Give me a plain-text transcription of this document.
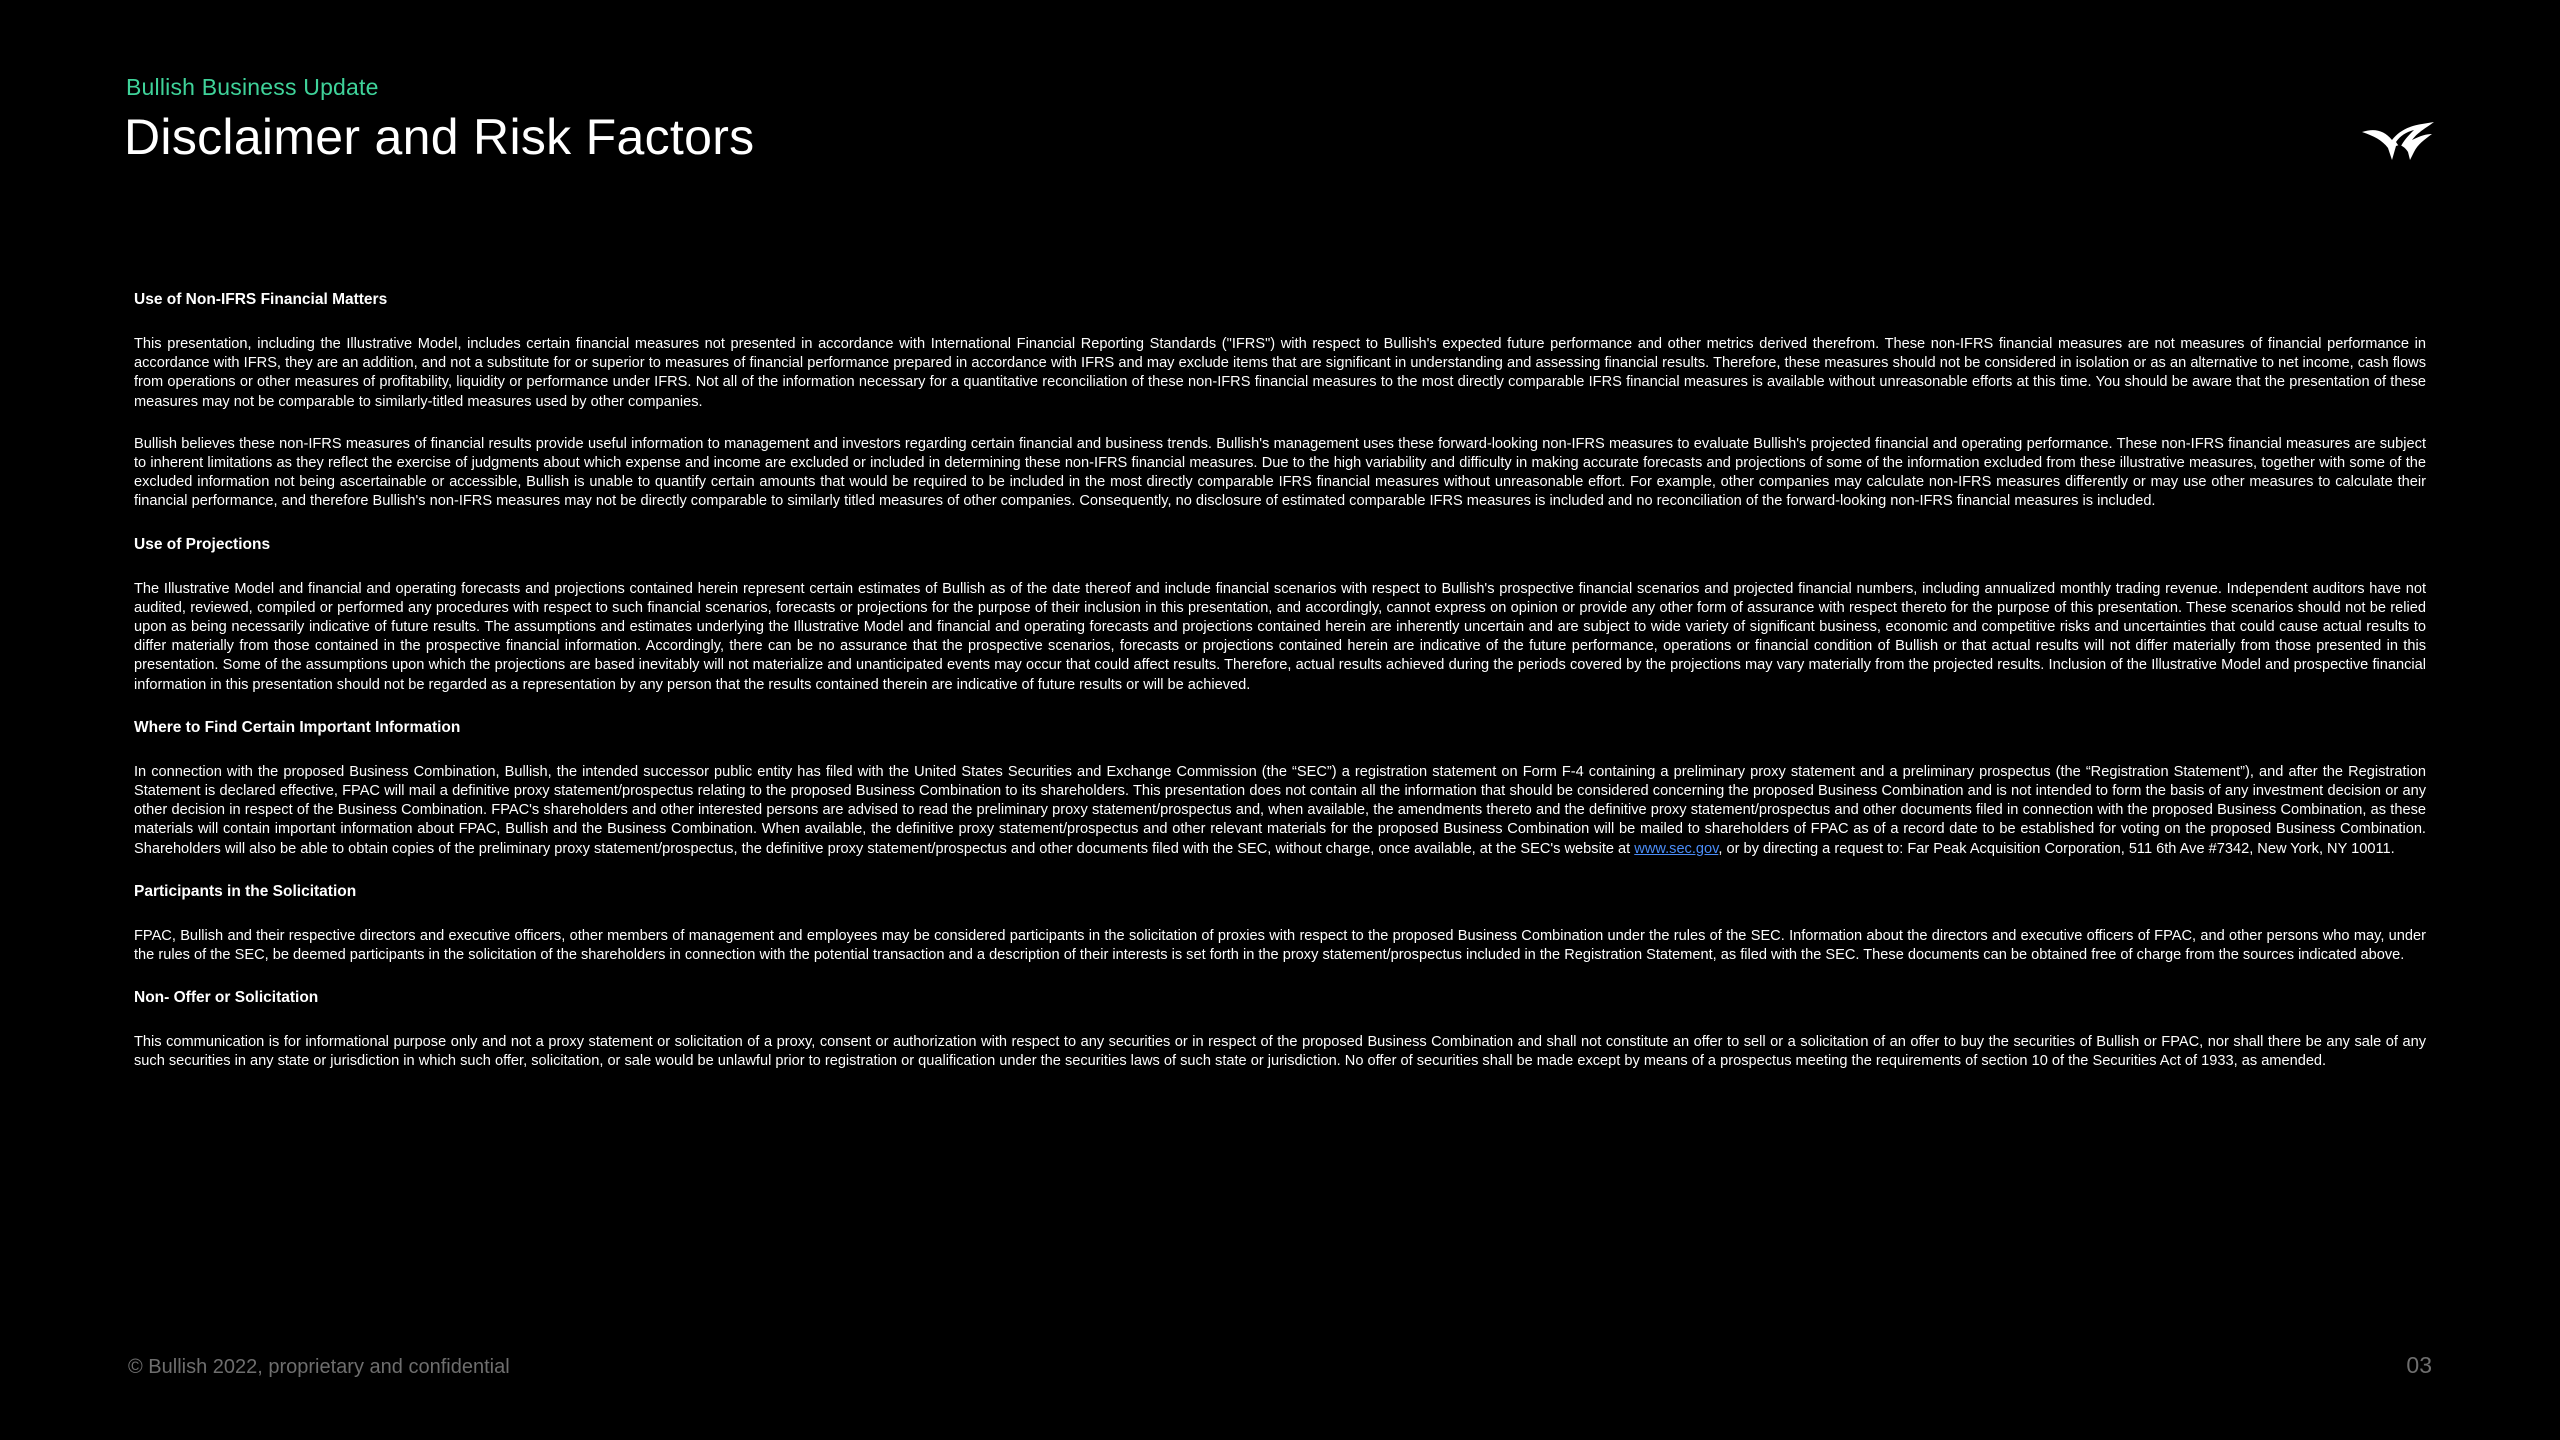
Bullish Business Update
Disclaimer and Risk Factors

Use of Non-IFRS Financial Matters

This presentation, including the Illustrative Model, includes certain financial measures not presented in accordance with International Financial Reporting Standards ("IFRS") with respect to Bullish's expected future performance and other metrics derived therefrom. These non-IFRS financial measures are not measures of financial performance in accordance with IFRS, they are an addition, and not a substitute for or superior to measures of financial performance prepared in accordance with IFRS and may exclude items that are significant in understanding and assessing financial results. Therefore, these measures should not be considered in isolation or as an alternative to net income, cash flows from operations or other measures of profitability, liquidity or performance under IFRS. Not all of the information necessary for a quantitative reconciliation of these non-IFRS financial measures to the most directly comparable IFRS financial measures is available without unreasonable efforts at this time. You should be aware that the presentation of these measures may not be comparable to similarly-titled measures used by other companies.

Bullish believes these non-IFRS measures of financial results provide useful information to management and investors regarding certain financial and business trends. Bullish's management uses these forward-looking non-IFRS measures to evaluate Bullish's projected financial and operating performance. These non-IFRS financial measures are subject to inherent limitations as they reflect the exercise of judgments about which expense and income are excluded or included in determining these non-IFRS financial measures. Due to the high variability and difficulty in making accurate forecasts and projections of some of the information excluded from these illustrative measures, together with some of the excluded information not being ascertainable or accessible, Bullish is unable to quantify certain amounts that would be required to be included in the most directly comparable IFRS financial measures without unreasonable effort. For example, other companies may calculate non-IFRS measures differently or may use other measures to calculate their financial performance, and therefore Bullish's non-IFRS measures may not be directly comparable to similarly titled measures of other companies. Consequently, no disclosure of estimated comparable IFRS measures is included and no reconciliation of the forward-looking non-IFRS financial measures is included.

Use of Projections

The Illustrative Model and financial and operating forecasts and projections contained herein represent certain estimates of Bullish as of the date thereof and include financial scenarios with respect to Bullish's prospective financial scenarios and projected financial numbers, including annualized monthly trading revenue. Independent auditors have not audited, reviewed, compiled or performed any procedures with respect to such financial scenarios, forecasts or projections for the purpose of their inclusion in this presentation, and accordingly, cannot express on opinion or provide any other form of assurance with respect thereto for the purpose of this presentation. These scenarios should not be relied upon as being necessarily indicative of future results. The assumptions and estimates underlying the Illustrative Model and financial and operating forecasts and projections contained herein are inherently uncertain and are subject to wide variety of significant business, economic and competitive risks and uncertainties that could cause actual results to differ materially from those contained in the prospective financial information. Accordingly, there can be no assurance that the prospective scenarios, forecasts or projections contained herein are indicative of the future performance, operations or financial condition of Bullish or that actual results will not differ materially from those presented in this presentation. Some of the assumptions upon which the projections are based inevitably will not materialize and unanticipated events may occur that could affect results. Therefore, actual results achieved during the periods covered by the projections may vary materially from the projected results. Inclusion of the Illustrative Model and prospective financial information in this presentation should not be regarded as a representation by any person that the results contained therein are indicative of future results or will be achieved.

Where to Find Certain Important Information

In connection with the proposed Business Combination, Bullish, the intended successor public entity has filed with the United States Securities and Exchange Commission (the “SEC”) a registration statement on Form F-4 containing a preliminary proxy statement and a preliminary prospectus (the “Registration Statement”), and after the Registration Statement is declared effective, FPAC will mail a definitive proxy statement/prospectus relating to the proposed Business Combination to its shareholders. This presentation does not contain all the information that should be considered concerning the proposed Business Combination and is not intended to form the basis of any investment decision or any other decision in respect of the Business Combination. FPAC's shareholders and other interested persons are advised to read the preliminary proxy statement/prospectus and, when available, the amendments thereto and the definitive proxy statement/prospectus and other documents filed in connection with the proposed Business Combination, as these materials will contain important information about FPAC, Bullish and the Business Combination. When available, the definitive proxy statement/prospectus and other relevant materials for the proposed Business Combination will be mailed to shareholders of FPAC as of a record date to be established for voting on the proposed Business Combination. Shareholders will also be able to obtain copies of the preliminary proxy statement/prospectus, the definitive proxy statement/prospectus and other documents filed with the SEC, without charge, once available, at the SEC's website at www.sec.gov, or by directing a request to: Far Peak Acquisition Corporation, 511 6th Ave #7342, New York, NY 10011.

Participants in the Solicitation

FPAC, Bullish and their respective directors and executive officers, other members of management and employees may be considered participants in the solicitation of proxies with respect to the proposed Business Combination under the rules of the SEC. Information about the directors and executive officers of FPAC, and other persons who may, under the rules of the SEC, be deemed participants in the solicitation of the shareholders in connection with the potential transaction and a description of their interests is set forth in the proxy statement/prospectus included in the Registration Statement, as filed with the SEC. These documents can be obtained free of charge from the sources indicated above.

Non- Offer or Solicitation

This communication is for informational purpose only and not a proxy statement or solicitation of a proxy, consent or authorization with respect to any securities or in respect of the proposed Business Combination and shall not constitute an offer to sell or a solicitation of an offer to buy the securities of Bullish or FPAC, nor shall there be any sale of any such securities in any state or jurisdiction in which such offer, solicitation, or sale would be unlawful prior to registration or qualification under the securities laws of such state or jurisdiction. No offer of securities shall be made except by means of a prospectus meeting the requirements of section 10 of the Securities Act of 1933, as amended.

© Bullish 2022, proprietary and confidential	03
